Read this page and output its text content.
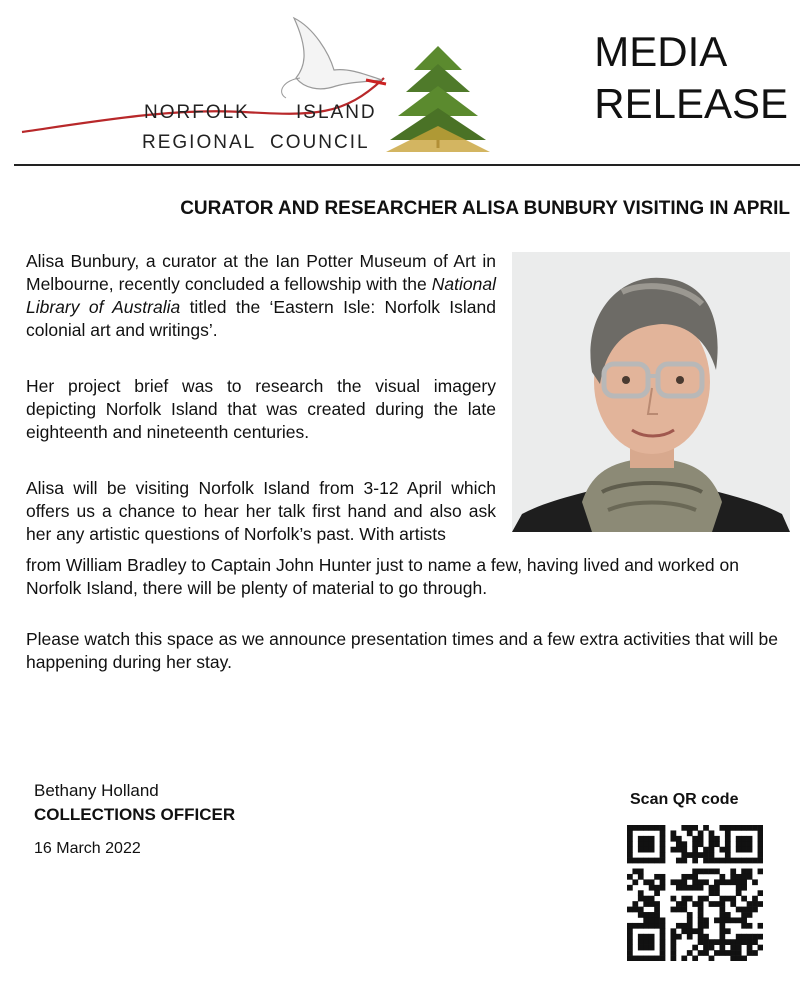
NORFOLK ISLAND
REGIONAL  COUNCIL
MEDIA
RELEASE
CURATOR AND RESEARCHER ALISA BUNBURY VISITING IN APRIL

Alisa Bunbury, a curator at the Ian Potter Museum of Art in Melbourne, recently concluded a fellowship with the National Library of Australia titled the ‘Eastern Isle: Norfolk Island colonial art and writings’.

Her project brief was to research the visual imagery depicting Norfolk Island that was created during the late eighteenth and nineteenth centuries.

Alisa will be visiting Norfolk Island from 3-12 April which offers us a chance to hear her talk first hand and also ask her any artistic questions of Norfolk’s past. With artists

from William Bradley to Captain John Hunter just to name a few, having lived and worked on Norfolk Island, there will be plenty of material to go through.

Please watch this space as we announce presentation times and a few extra activities that will be happening during her stay.

Bethany Holland
COLLECTIONS OFFICER
16 March 2022
Scan QR code
